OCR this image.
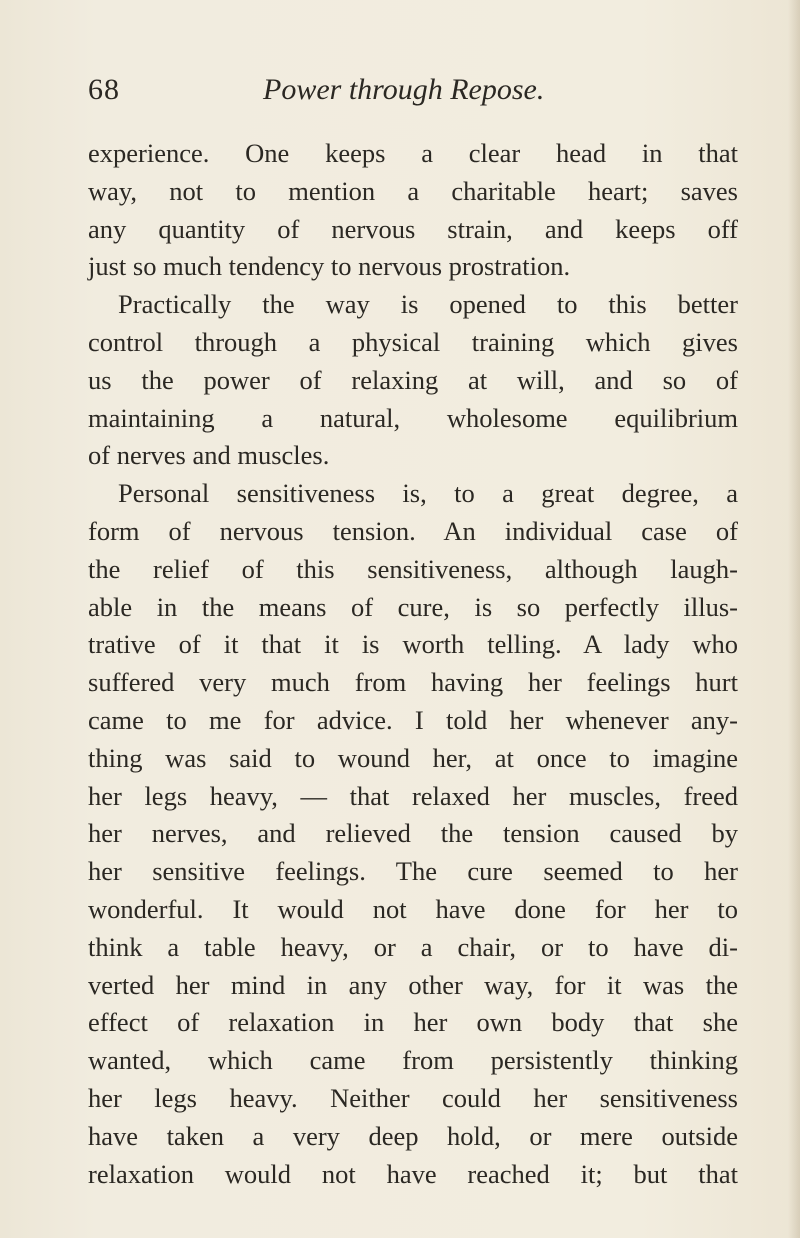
68	Power through Repose.
experience. One keeps a clear head in that
way, not to mention a charitable heart; saves
any quantity of nervous strain, and keeps off
just so much tendency to nervous prostration.
Practically the way is opened to this better
control through a physical training which gives
us the power of relaxing at will, and so of
maintaining a natural, wholesome equilibrium
of nerves and muscles.
Personal sensitiveness is, to a great degree, a
form of nervous tension. An individual case of
the relief of this sensitiveness, although laugh-
able in the means of cure, is so perfectly illus-
trative of it that it is worth telling. A lady who
suffered very much from having her feelings hurt
came to me for advice. I told her whenever any-
thing was said to wound her, at once to imagine
her legs heavy, — that relaxed her muscles, freed
her nerves, and relieved the tension caused by
her sensitive feelings. The cure seemed to her
wonderful. It would not have done for her to
think a table heavy, or a chair, or to have di-
verted her mind in any other way, for it was the
effect of relaxation in her own body that she
wanted, which came from persistently thinking
her legs heavy. Neither could her sensitiveness
have taken a very deep hold, or mere outside
relaxation would not have reached it; but that
